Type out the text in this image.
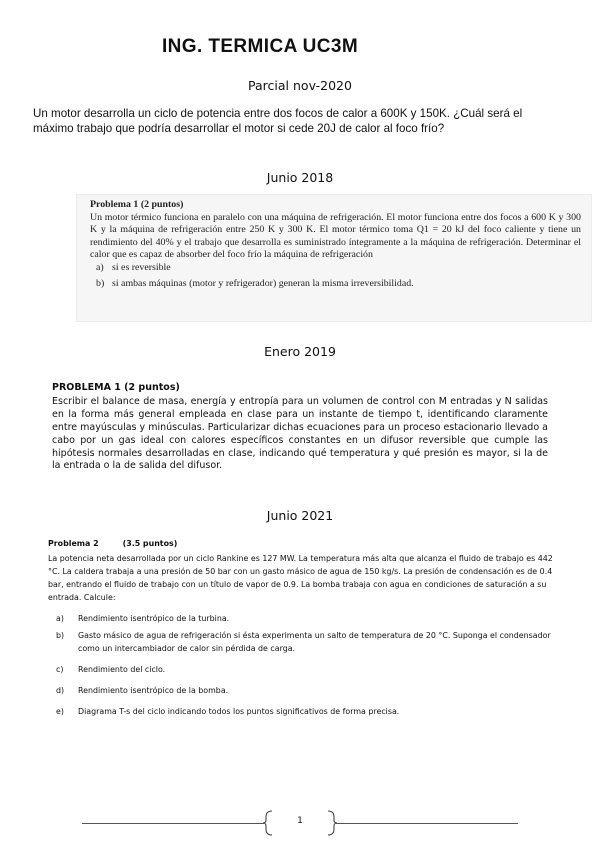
ING. TERMICA UC3M
Parcial nov-2020
Un motor desarrolla un ciclo de potencia entre dos focos de calor a 600K y 150K. ¿Cuál será el máximo trabajo que podría desarrollar el motor si cede 20J de calor al foco frío?
Junio 2018
Problema 1 (2 puntos)

Un motor térmico funciona en paralelo con una máquina de refrigeración. El motor funciona entre dos focos a 600 K y 300 K y la máquina de refrigeración entre 250 K y 300 K. El motor térmico toma Q1 = 20 kJ del foco caliente y tiene un rendimiento del 40% y el trabajo que desarrolla es suministrado íntegramente a la máquina de refrigeración. Determinar el calor que es capaz de absorber del foco frío la máquina de refrigeración

a) si es reversible
b) si ambas máquinas (motor y refrigerador) generan la misma irreversibilidad.
Enero 2019
PROBLEMA 1 (2 puntos)

Escribir el balance de masa, energía y entropía para un volumen de control con M entradas y N salidas en la forma más general empleada en clase para un instante de tiempo t, identificando claramente entre mayúsculas y minúsculas. Particularizar dichas ecuaciones para un proceso estacionario llevado a cabo por un gas ideal con calores específicos constantes en un difusor reversible que cumple las hipótesis normales desarrolladas en clase, indicando qué temperatura y qué presión es mayor, si la de la entrada o la de salida del difusor.

Junio 2021
Problema 2	(3.5 puntos)

La potencia neta desarrollada por un ciclo Rankine es 127 MW. La temperatura más alta que alcanza el fluido de trabajo es 442 °C. La caldera trabaja a una presión de 50 bar con un gasto másico de agua de 150 kg/s. La presión de condensación es de 0.4 bar, entrando el fluido de trabajo con un título de vapor de 0.9. La bomba trabaja con agua en condiciones de saturación a su entrada. Calcule:

a) Rendimiento isentrópico de la turbina.
b) Gasto másico de agua de refrigeración si ésta experimenta un salto de temperatura de 20 °C. Suponga el condensador como un intercambiador de calor sin pérdida de carga.
c) Rendimiento del ciclo.
d) Rendimiento isentrópico de la bomba.
e) Diagrama T-s del ciclo indicando todos los puntos significativos de forma precisa.
1
